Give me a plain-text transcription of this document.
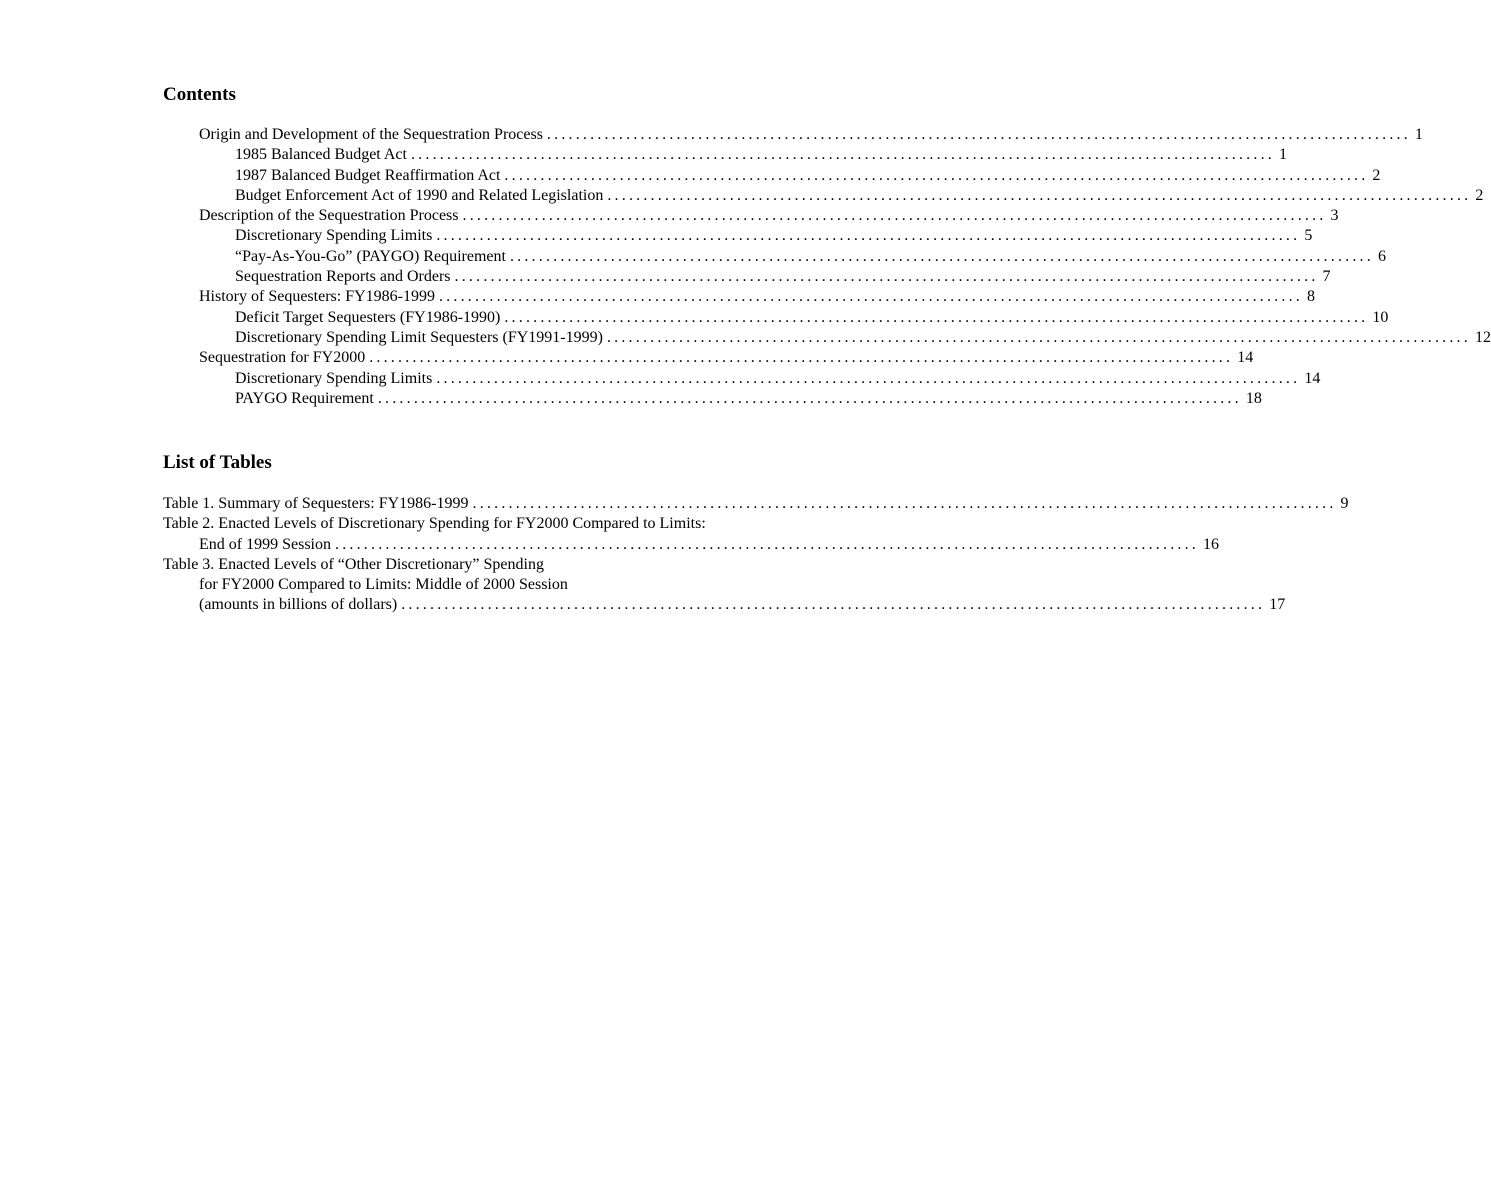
Contents
Origin and Development of the Sequestration Process ........................................................................................................................ 1
1985 Balanced Budget Act ........................................................................................................................ 1
1987 Balanced Budget Reaffirmation Act ........................................................................................................................ 2
Budget Enforcement Act of 1990 and Related Legislation ........................................................................................................................ 2
Description of the Sequestration Process ........................................................................................................................ 3
Discretionary Spending Limits ........................................................................................................................ 5
“Pay-As-You-Go” (PAYGO) Requirement ........................................................................................................................ 6
Sequestration Reports and Orders ........................................................................................................................ 7
History of Sequesters: FY1986-1999 ........................................................................................................................ 8
Deficit Target Sequesters (FY1986-1990) ........................................................................................................................ 10
Discretionary Spending Limit Sequesters (FY1991-1999) ........................................................................................................................ 12
Sequestration for FY2000 ........................................................................................................................ 14
Discretionary Spending Limits ........................................................................................................................ 14
PAYGO Requirement ........................................................................................................................ 18
List of Tables
Table 1. Summary of Sequesters: FY1986-1999 ........................................................................................................................ 9
Table 2. Enacted Levels of Discretionary Spending for FY2000 Compared to Limits:
End of 1999 Session ........................................................................................................................ 16
Table 3. Enacted Levels of “Other Discretionary” Spending
for FY2000 Compared to Limits: Middle of 2000 Session
(amounts in billions of dollars) ........................................................................................................................ 17
